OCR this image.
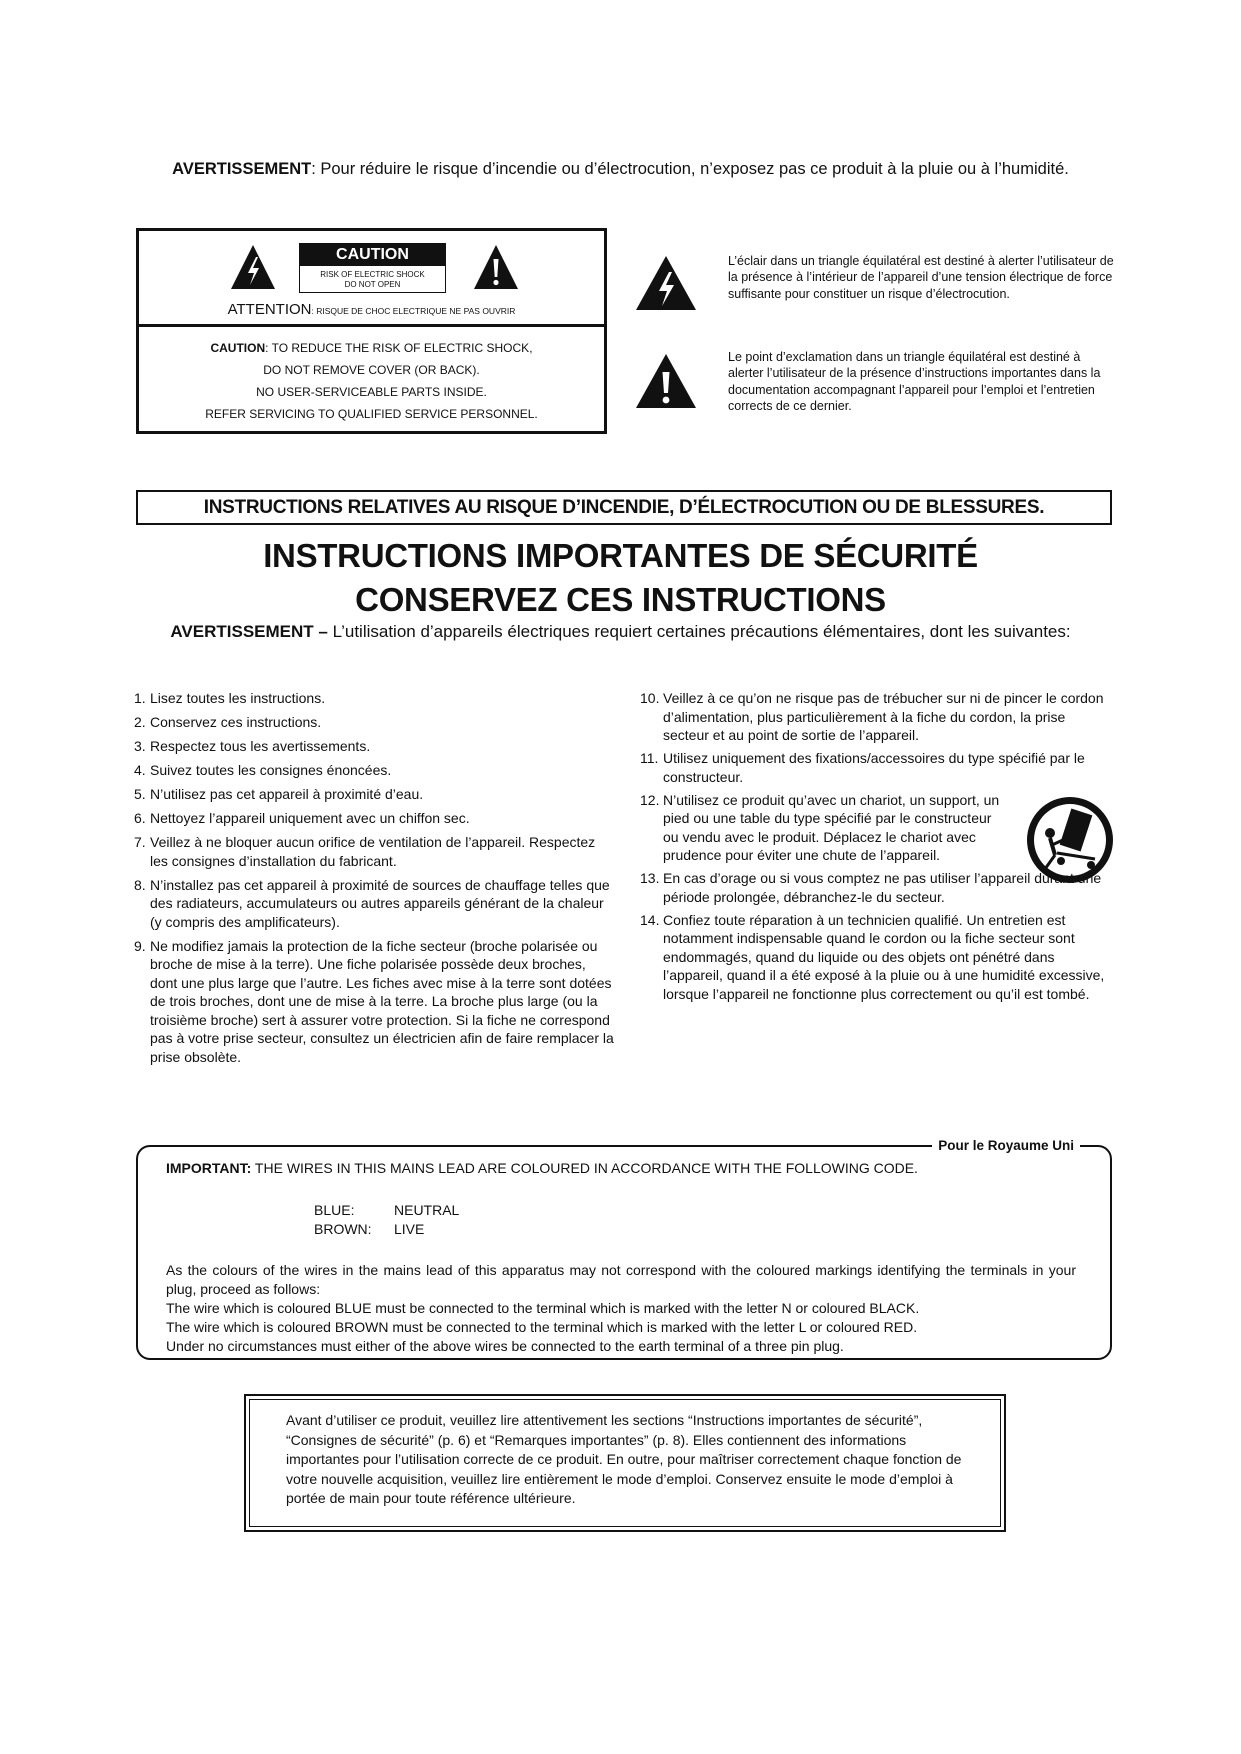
AVERTISSEMENT: Pour réduire le risque d’incendie ou d’électrocution, n’exposez pas ce produit à la pluie ou à l’humidité.
CAUTION
RISK OF ELECTRIC SHOCK
DO NOT OPEN
ATTENTION: RISQUE DE CHOC ELECTRIQUE NE PAS OUVRIR
CAUTION: TO REDUCE THE RISK OF ELECTRIC SHOCK,
DO NOT REMOVE COVER (OR BACK).
NO USER-SERVICEABLE PARTS INSIDE.
REFER SERVICING TO QUALIFIED SERVICE PERSONNEL.
L’éclair dans un triangle équilatéral est destiné à alerter l’utilisateur de la présence à l’intérieur de l’appareil d’une tension électrique de force suffisante pour constituer un risque d’électrocution.
Le point d’exclamation dans un triangle équilatéral est destiné à alerter l’utilisateur de la présence d’instructions importantes dans la documentation accompagnant l’appareil pour l’emploi et l’entretien corrects de ce dernier.
INSTRUCTIONS RELATIVES AU RISQUE D’INCENDIE, D’ÉLECTROCUTION OU DE BLESSURES.
INSTRUCTIONS IMPORTANTES DE SÉCURITÉ
CONSERVEZ CES INSTRUCTIONS
AVERTISSEMENT – L’utilisation d’appareils électriques requiert certaines précautions élémentaires, dont les suivantes:
1. Lisez toutes les instructions.
2. Conservez ces instructions.
3. Respectez tous les avertissements.
4. Suivez toutes les consignes énoncées.
5. N’utilisez pas cet appareil à proximité d’eau.
6. Nettoyez l’appareil uniquement avec un chiffon sec.
7. Veillez à ne bloquer aucun orifice de ventilation de l’appareil. Respectez les consignes d’installation du fabricant.
8. N’installez pas cet appareil à proximité de sources de chauffage telles que des radiateurs, accumulateurs ou autres appareils générant de la chaleur (y compris des amplificateurs).
9. Ne modifiez jamais la protection de la fiche secteur (broche polarisée ou broche de mise à la terre). Une fiche polarisée possède deux broches, dont une plus large que l’autre. Les fiches avec mise à la terre sont dotées de trois broches, dont une de mise à la terre. La broche plus large (ou la troisième broche) sert à assurer votre protection. Si la fiche ne correspond pas à votre prise secteur, consultez un électricien afin de faire remplacer la prise obsolète.
10. Veillez à ce qu’on ne risque pas de trébucher sur ni de pincer le cordon d’alimentation, plus particulièrement à la fiche du cordon, la prise secteur et au point de sortie de l’appareil.
11. Utilisez uniquement des fixations/accessoires du type spécifié par le constructeur.
12. N’utilisez ce produit qu’avec un chariot, un support, un pied ou une table du type spécifié par le constructeur ou vendu avec le produit. Déplacez le chariot avec prudence pour éviter une chute de l’appareil.
13. En cas d’orage ou si vous comptez ne pas utiliser l’appareil durant une période prolongée, débranchez-le du secteur.
14. Confiez toute réparation à un technicien qualifié. Un entretien est notamment indispensable quand le cordon ou la fiche secteur sont endommagés, quand du liquide ou des objets ont pénétré dans l’appareil, quand il a été exposé à la pluie ou à une humidité excessive, lorsque l’appareil ne fonctionne plus correctement ou qu’il est tombé.
Pour le Royaume Uni
IMPORTANT: THE WIRES IN THIS MAINS LEAD ARE COLOURED IN ACCORDANCE WITH THE FOLLOWING CODE.
BLUE:	NEUTRAL
BROWN: LIVE
As the colours of the wires in the mains lead of this apparatus may not correspond with the coloured markings identifying the terminals in your plug, proceed as follows:
The wire which is coloured BLUE must be connected to the terminal which is marked with the letter N or coloured BLACK.
The wire which is coloured BROWN must be connected to the terminal which is marked with the letter L or coloured RED.
Under no circumstances must either of the above wires be connected to the earth terminal of a three pin plug.
Avant d’utiliser ce produit, veuillez lire attentivement les sections “Instructions importantes de sécurité”, “Consignes de sécurité” (p. 6) et “Remarques importantes” (p. 8). Elles contiennent des informations importantes pour l’utilisation correcte de ce produit. En outre, pour maîtriser correctement chaque fonction de votre nouvelle acquisition, veuillez lire entièrement le mode d’emploi. Conservez ensuite le mode d’emploi à portée de main pour toute référence ultérieure.
